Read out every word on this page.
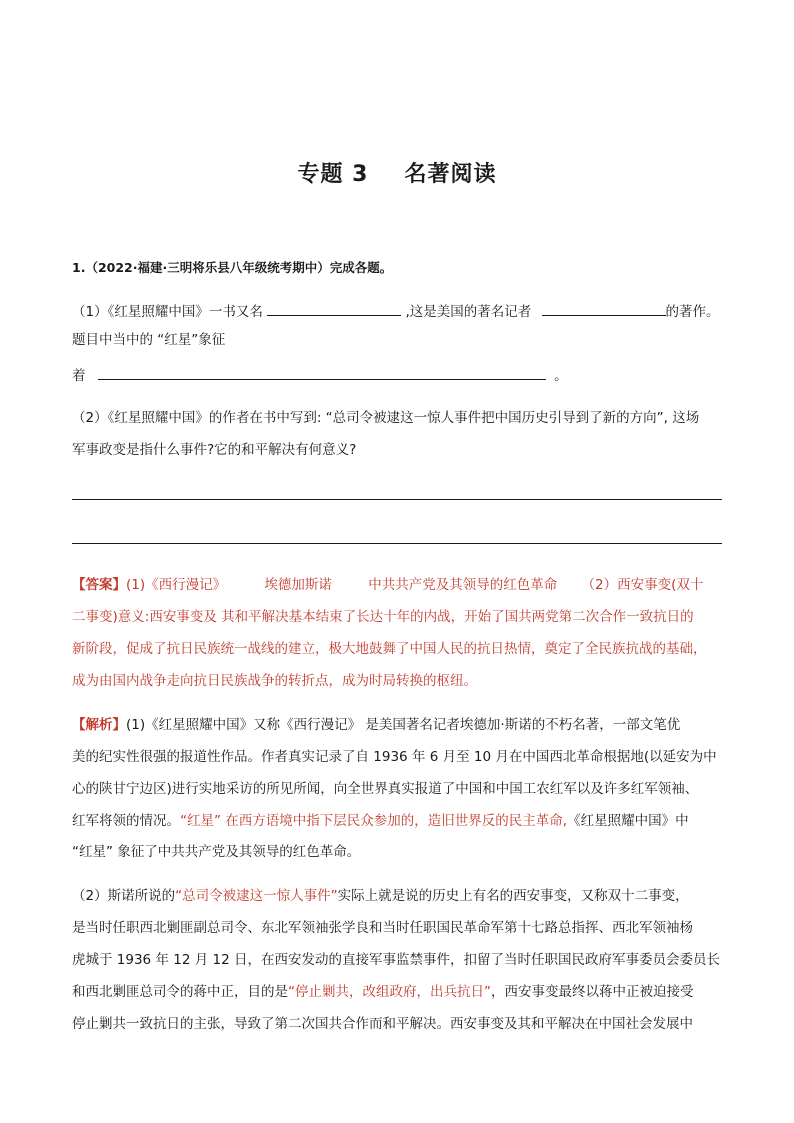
专题 3 名著阅读
1.（2022·福建·三明将乐县八年级统考期中）完成各题。
（1）《红星照耀中国》一书又名	,这是美国的著名记者	的著作。
题目中当中的 “红星”象征
着	。
（2）《红星照耀中国》的作者在书中写到: “总司令被逮这一惊人事件把中国历史引导到了新的方向”, 这场
军事政变是指什么事件?它的和平解决有何意义?
【答案】(1)《西行漫记》	埃德加斯诺	中共共产党及其领导的红色革命 （2）西安事变(双十
二事变)意义:西安事变及 其和平解决基本结束了长达十年的内战，开始了国共两党第二次合作一致抗日的
新阶段，促成了抗日民族统一战线的建立，极大地鼓舞了中国人民的抗日热情，奠定了全民族抗战的基础，
成为由国内战争走向抗日民族战争的转折点，成为时局转换的枢纽。
【解析】(1)《红星照耀中国》又称《西行漫记》 是美国著名记者埃德加·斯诺的不朽名著，一部文笔优
美的纪实性很强的报道性作品。作者真实记录了自 1936 年 6 月至 10 月在中国西北革命根据地(以延安为中
心的陕甘宁边区)进行实地采访的所见所闻，向全世界真实报道了中国和中国工农红军以及许多红军领袖、
红军将领的情况。“红星” 在西方语境中指下层民众参加的，造旧世界反的民主革命,《红星照耀中国》中
“红星” 象征了中共共产党及其领导的红色革命。
（2）斯诺所说的“总司令被逮这一惊人事件”实际上就是说的历史上有名的西安事变，又称双十二事变，
是当时任职西北剿匪副总司令、东北军领袖张学良和当时任职国民革命军第十七路总指挥、西北军领袖杨
虎城于 1936 年 12 月 12 日，在西安发动的直接军事监禁事件，扣留了当时任职国民政府军事委员会委员长
和西北剿匪总司令的蒋中正，目的是“停止剿共，改组政府，出兵抗日”，西安事变最终以蒋中正被迫接受
停止剿共一致抗日的主张，导致了第二次国共合作而和平解决。西安事变及其和平解决在中国社会发展中
